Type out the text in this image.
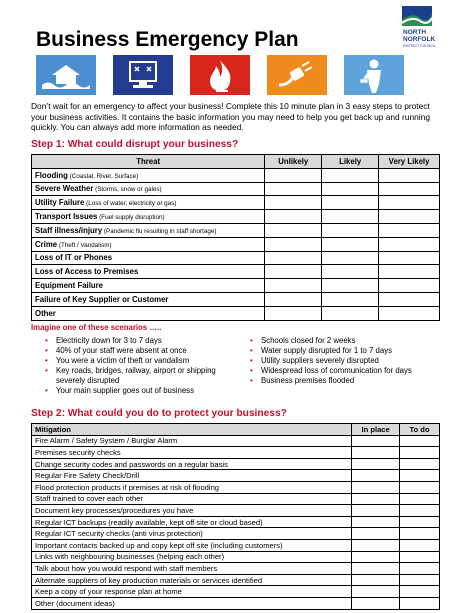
Business Emergency Plan	NORTH
NORFOLK
DISTRICT COUNCIL
Don’t wait for an emergency to affect your business! Complete this 10 minute plan in 3 easy steps to protect your business activities. It contains the basic information you may need to help you get back up and running quickly. You can always add more information as needed.
Step 1: What could disrupt your business?
Threat	Unlikely	Likely	Very Likely
Flooding (Coastal, River, Surface)			
Severe Weather (Storms, snow or gales)			
Utility Failure (Loss of water, electricity or gas)			
Transport Issues (Fuel supply disruption)			
Staff illness/injury (Pandemic flu resulting in staff shortage)			
Crime (Theft / Vandalism)			
Loss of IT or Phones			
Loss of Access to Premises			
Equipment Failure			
Failure of Key Supplier or Customer			
Other			
Imagine one of these scenarios …..
• Electricity down for 3 to 7 days
• 40% of your staff were absent at once
• You were a victim of theft or vandalism
• Key roads, bridges, railway, airport or shipping severely disrupted
• Your main supplier goes out of business
• Schools closed for 2 weeks
• Water supply disrupted for 1 to 7 days
• Utility suppliers severely disrupted
• Widespread loss of communication for days
• Business premises flooded
Step 2: What could you do to protect your business?
Mitigation	In place	To do
Fire Alarm / Safety System / Burglar Alarm		
Premises security checks		
Change security codes and passwords on a regular basis		
Regular Fire Safety Check/Drill		
Flood protection products if premises at risk of flooding		
Staff trained to cover each other		
Document key processes/procedures you have		
Regular ICT backups (readily available, kept off site or cloud based)		
Regular ICT security checks (anti virus protection)		
Important contacts backed up and copy kept off site (including customers)		
Links with neighbouring businesses (helping each other)		
Talk about how you would respond with staff members		
Alternate suppliers of key production materials or services identified		
Keep a copy of your response plan at home		
Other (document ideas)		
